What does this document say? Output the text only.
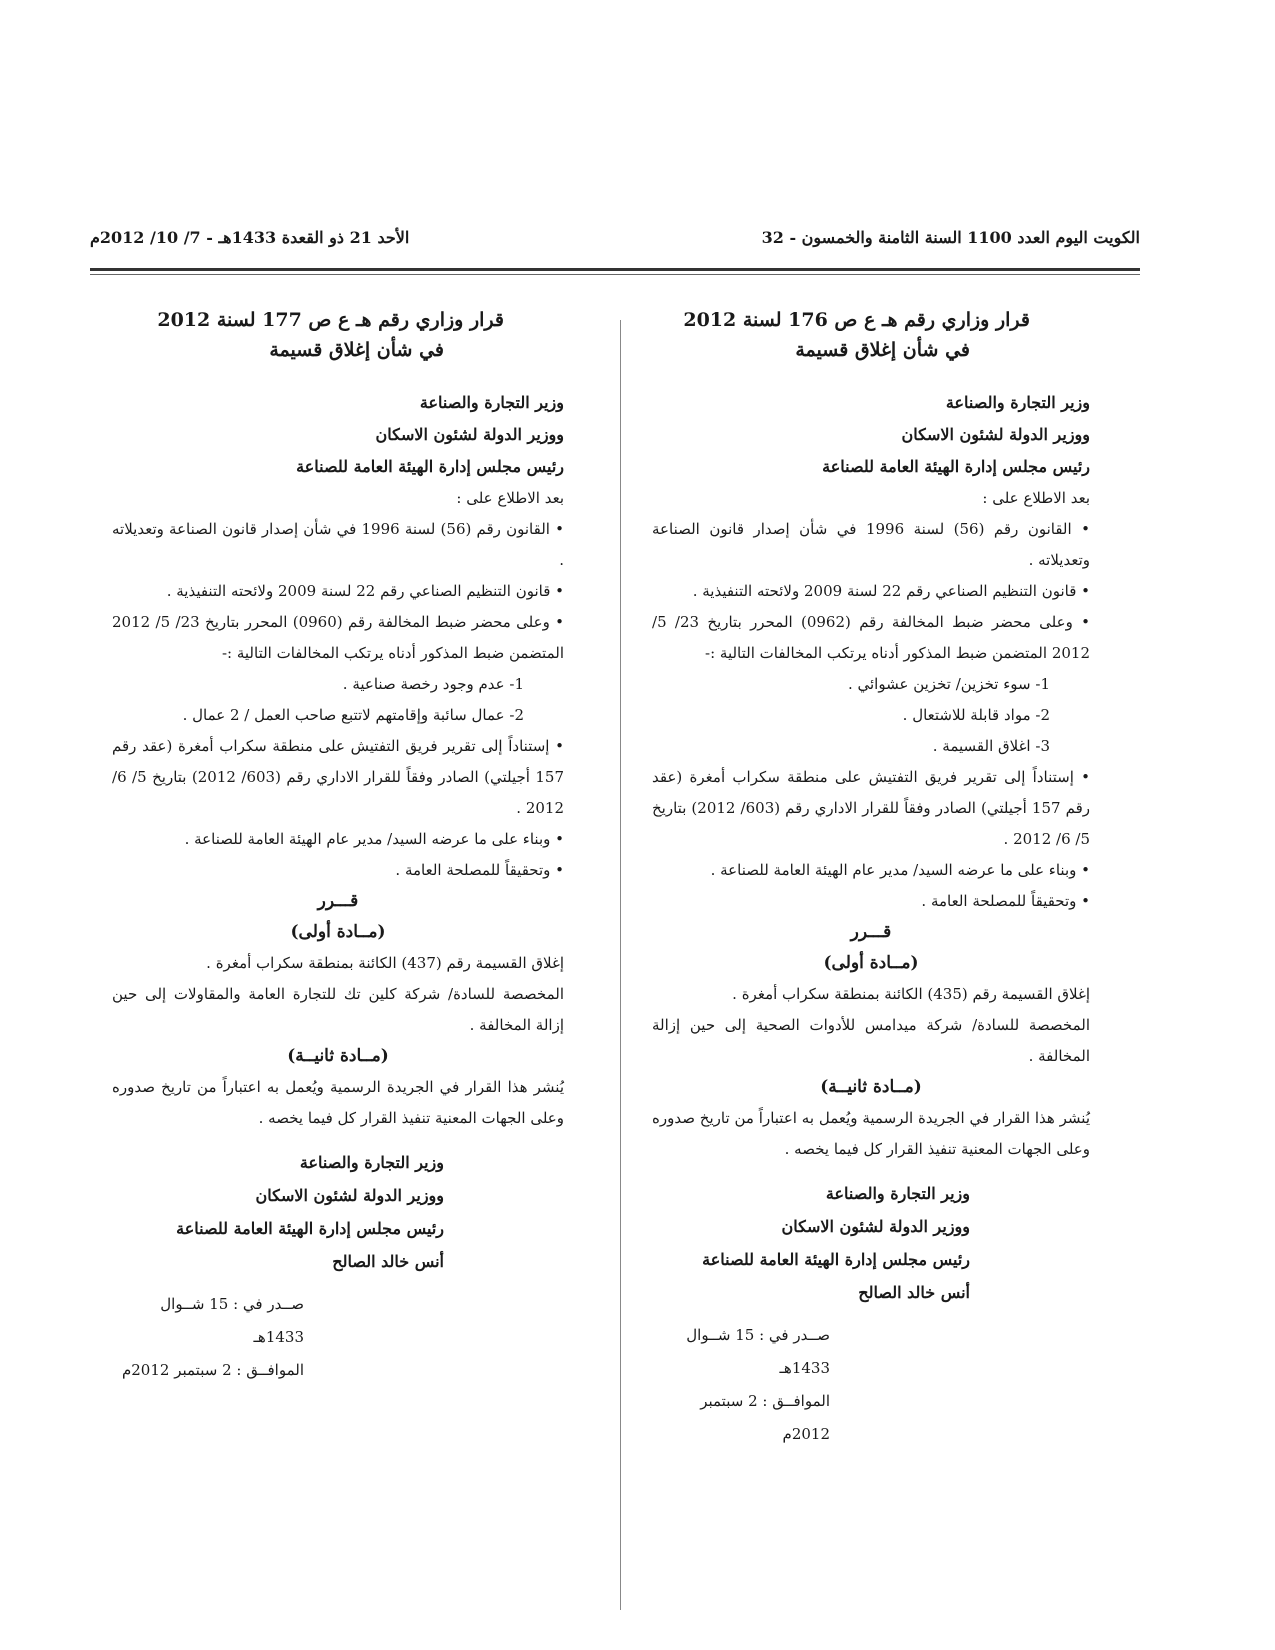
الكويت اليوم العدد 1100 السنة الثامنة والخمسون - 32
الأحد 21 ذو القعدة 1433هـ - 7/ 10/ 2012م
قرار وزاري رقم هـ ع ص 176 لسنة 2012
في شأن إغلاق قسيمة
وزير التجارة والصناعة
ووزير الدولة لشئون الاسكان
رئيس مجلس إدارة الهيئة العامة للصناعة
بعد الاطلاع على :
• القانون رقم (56) لسنة 1996 في شأن إصدار قانون الصناعة وتعديلاته .
• قانون التنظيم الصناعي رقم 22 لسنة 2009 ولائحته التنفيذية .
• وعلى محضر ضبط المخالفة رقم (0962) المحرر بتاريخ 23/ 5/ 2012 المتضمن ضبط المذكور أدناه يرتكب المخالفات التالية :-
1- سوء تخزين/ تخزين عشوائي .
2- مواد قابلة للاشتعال .
3- اغلاق القسيمة .
• إستناداً إلى تقرير فريق التفتيش على منطقة سكراب أمغرة (عقد رقم 157 أجيلتي) الصادر وفقاً للقرار الاداري رقم (603/ 2012) بتاريخ 5/ 6/ 2012 .
• وبناء على ما عرضه السيد/ مدير عام الهيئة العامة للصناعة .
• وتحقيقاً للمصلحة العامة .
قـــرر
(مــادة أولى)
إغلاق القسيمة رقم (435) الكائنة بمنطقة سكراب أمغرة .
المخصصة للسادة/ شركة ميدامس للأدوات الصحية إلى حين إزالة المخالفة .
(مــادة ثانيــة)
يُنشر هذا القرار في الجريدة الرسمية ويُعمل به اعتباراً من تاريخ صدوره وعلى الجهات المعنية تنفيذ القرار كل فيما يخصه .
وزير التجارة والصناعة
ووزير الدولة لشئون الاسكان
رئيس مجلس إدارة الهيئة العامة للصناعة
أنس خالد الصالح
صــدر في : 15 شــوال 1433هـ
الموافــق : 2 سبتمبر 2012م
قرار وزاري رقم هـ ع ص 177 لسنة 2012
في شأن إغلاق قسيمة
وزير التجارة والصناعة
ووزير الدولة لشئون الاسكان
رئيس مجلس إدارة الهيئة العامة للصناعة
بعد الاطلاع على :
• القانون رقم (56) لسنة 1996 في شأن إصدار قانون الصناعة وتعديلاته .
• قانون التنظيم الصناعي رقم 22 لسنة 2009 ولائحته التنفيذية .
• وعلى محضر ضبط المخالفة رقم (0960) المحرر بتاريخ 23/ 5/ 2012 المتضمن ضبط المذكور أدناه يرتكب المخالفات التالية :-
1- عدم وجود رخصة صناعية .
2- عمال سائبة وإقامتهم لاتتبع صاحب العمل / 2 عمال .
• إستناداً إلى تقرير فريق التفتيش على منطقة سكراب أمغرة (عقد رقم 157 أجيلتي) الصادر وفقاً للقرار الاداري رقم (603/ 2012) بتاريخ 5/ 6/ 2012 .
• وبناء على ما عرضه السيد/ مدير عام الهيئة العامة للصناعة .
• وتحقيقاً للمصلحة العامة .
قـــرر
(مــادة أولى)
إغلاق القسيمة رقم (437) الكائنة بمنطقة سكراب أمغرة .
المخصصة للسادة/ شركة كلين تك للتجارة العامة والمقاولات إلى حين إزالة المخالفة .
(مــادة ثانيــة)
يُنشر هذا القرار في الجريدة الرسمية ويُعمل به اعتباراً من تاريخ صدوره وعلى الجهات المعنية تنفيذ القرار كل فيما يخصه .
وزير التجارة والصناعة
ووزير الدولة لشئون الاسكان
رئيس مجلس إدارة الهيئة العامة للصناعة
أنس خالد الصالح
صــدر في : 15 شــوال 1433هـ
الموافــق : 2 سبتمبر 2012م
